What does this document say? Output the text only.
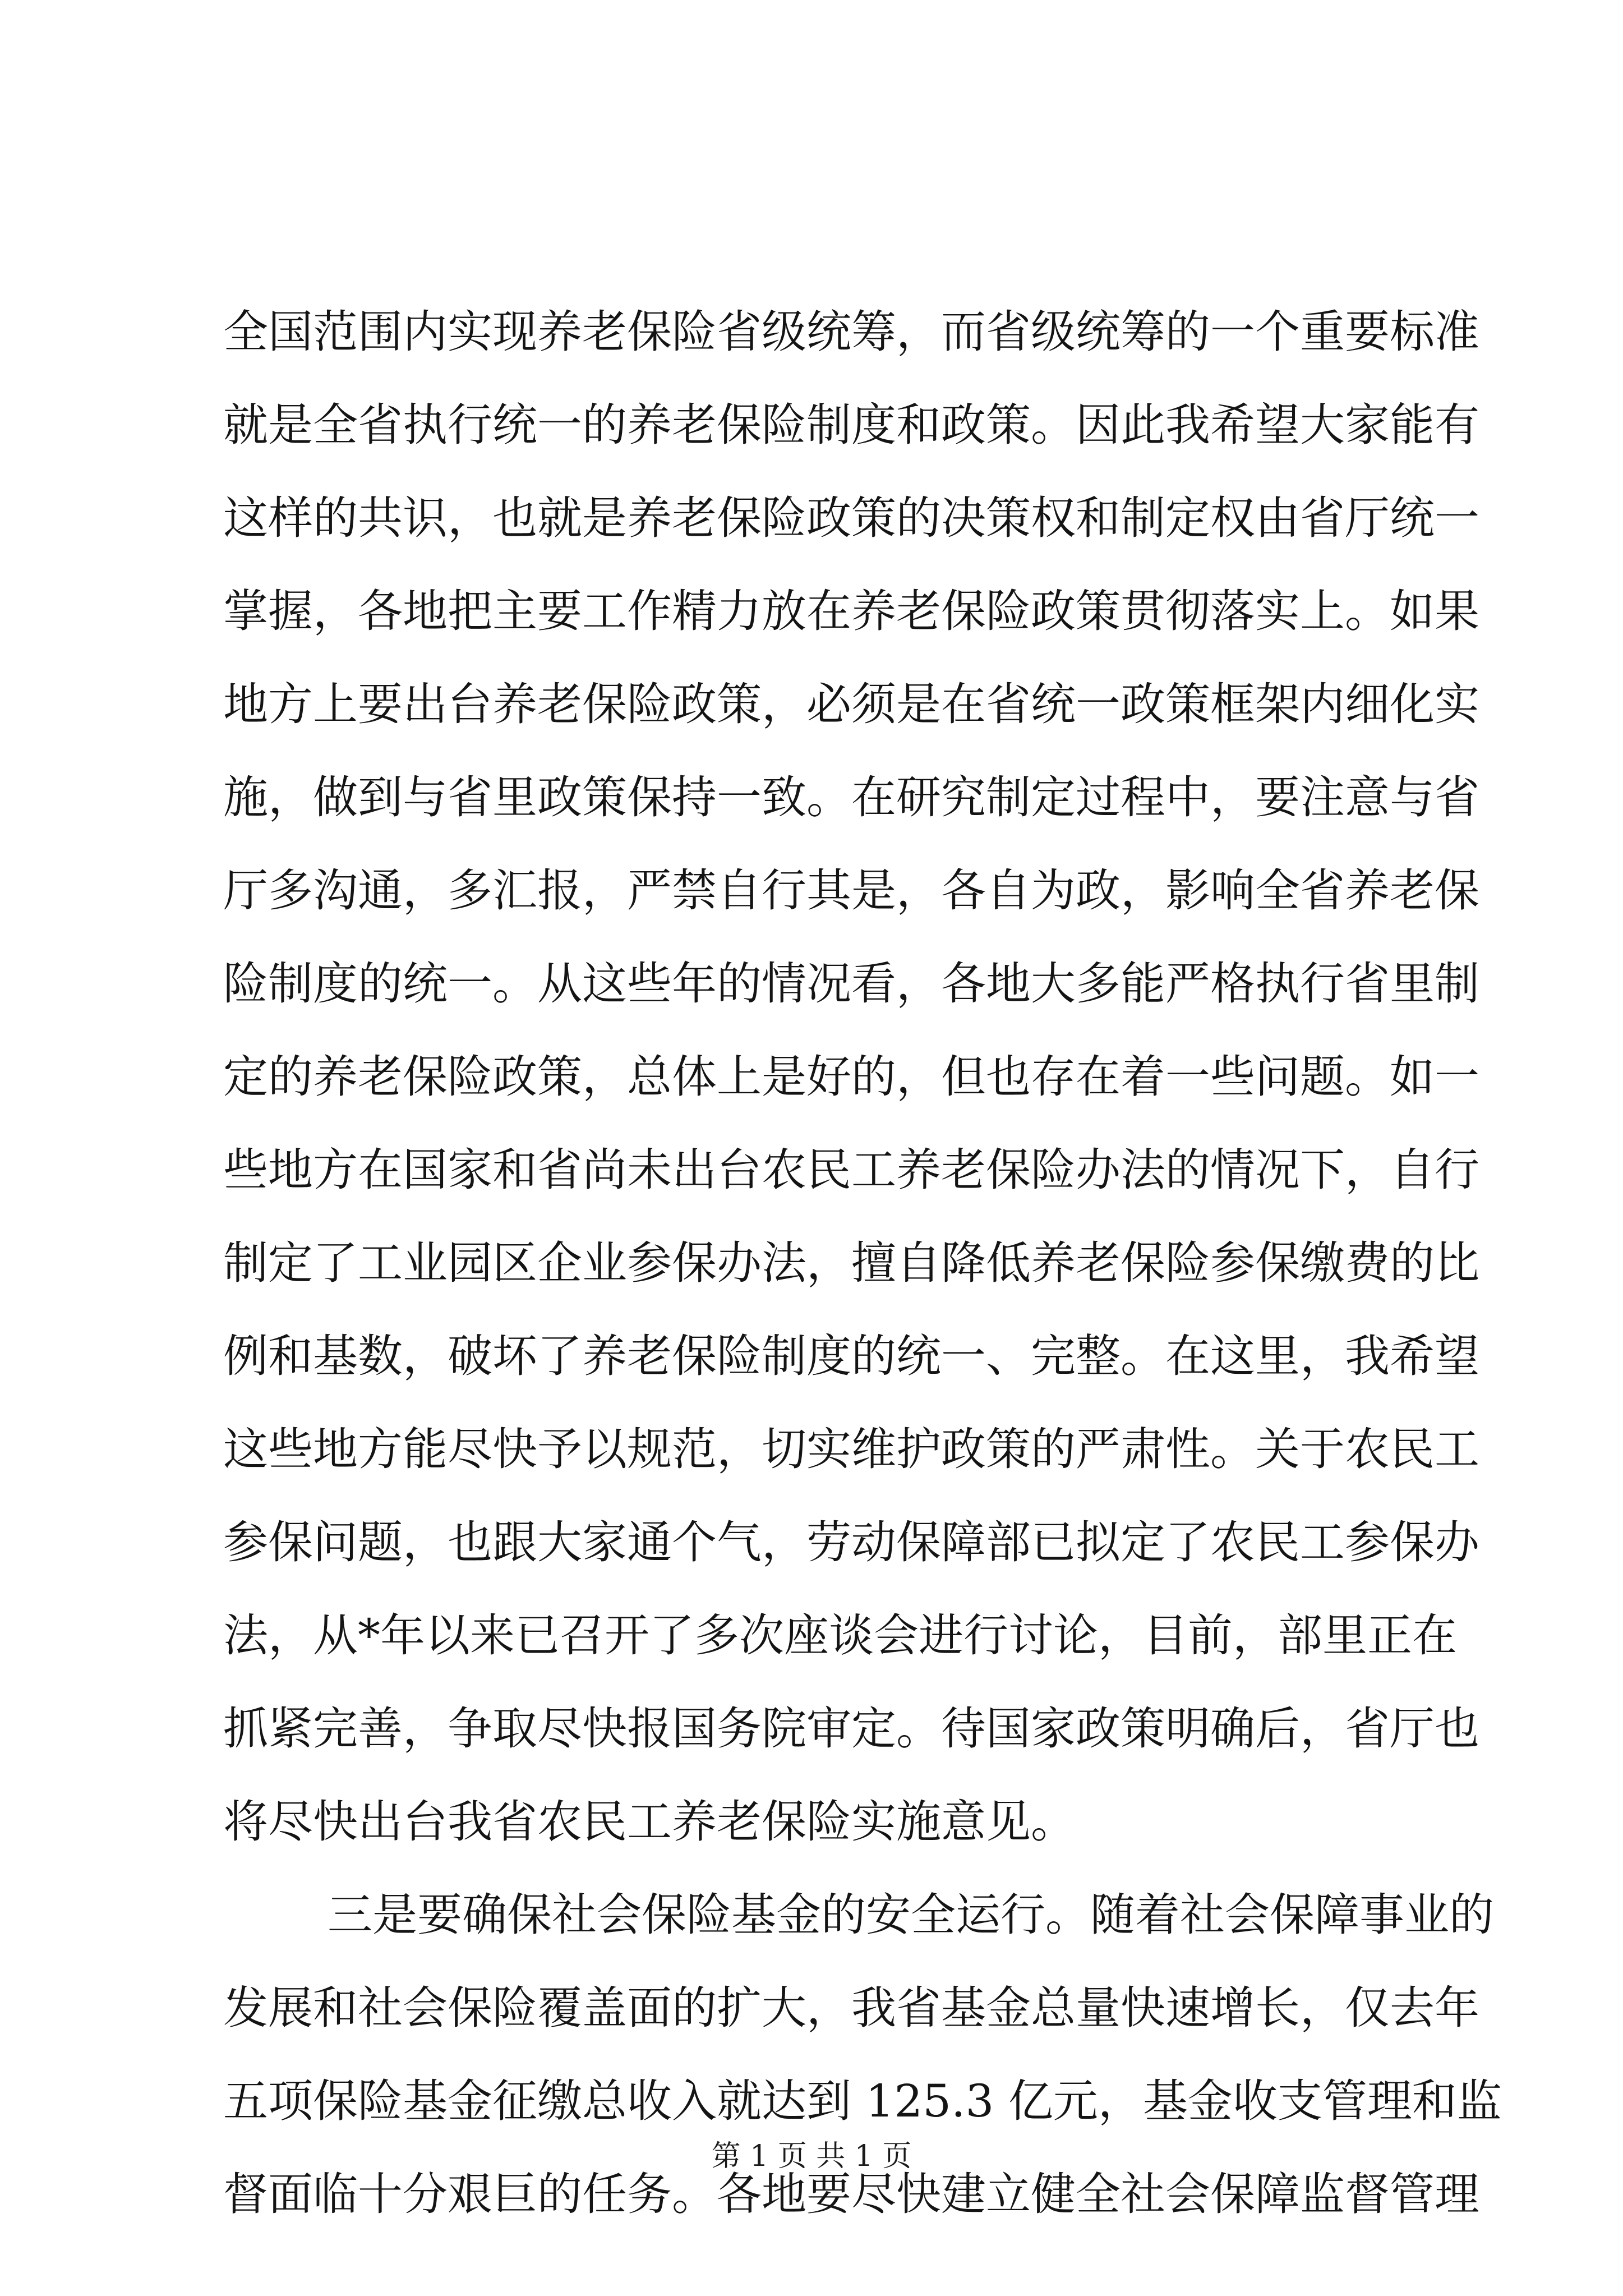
全国范围内实现养老保险省级统筹，而省级统筹的一个重要标准
就是全省执行统一的养老保险制度和政策。因此我希望大家能有
这样的共识，也就是养老保险政策的决策权和制定权由省厅统一
掌握，各地把主要工作精力放在养老保险政策贯彻落实上。如果
地方上要出台养老保险政策，必须是在省统一政策框架内细化实
施，做到与省里政策保持一致。在研究制定过程中，要注意与省
厅多沟通，多汇报，严禁自行其是，各自为政，影响全省养老保
险制度的统一。从这些年的情况看，各地大多能严格执行省里制
定的养老保险政策，总体上是好的，但也存在着一些问题。如一
些地方在国家和省尚未出台农民工养老保险办法的情况下，自行
制定了工业园区企业参保办法，擅自降低养老保险参保缴费的比
例和基数，破坏了养老保险制度的统一、完整。在这里，我希望
这些地方能尽快予以规范，切实维护政策的严肃性。关于农民工
参保问题，也跟大家通个气，劳动保障部已拟定了农民工参保办
法，从*年以来已召开了多次座谈会进行讨论，目前，部里正在
抓紧完善，争取尽快报国务院审定。待国家政策明确后，省厅也
将尽快出台我省农民工养老保险实施意见。
三是要确保社会保险基金的安全运行。随着社会保障事业的
发展和社会保险覆盖面的扩大，我省基金总量快速增长，仅去年
五项保险基金征缴总收入就达到 125.3 亿元，基金收支管理和监
督面临十分艰巨的任务。各地要尽快建立健全社会保障监督管理
第 1 页 共 1 页
